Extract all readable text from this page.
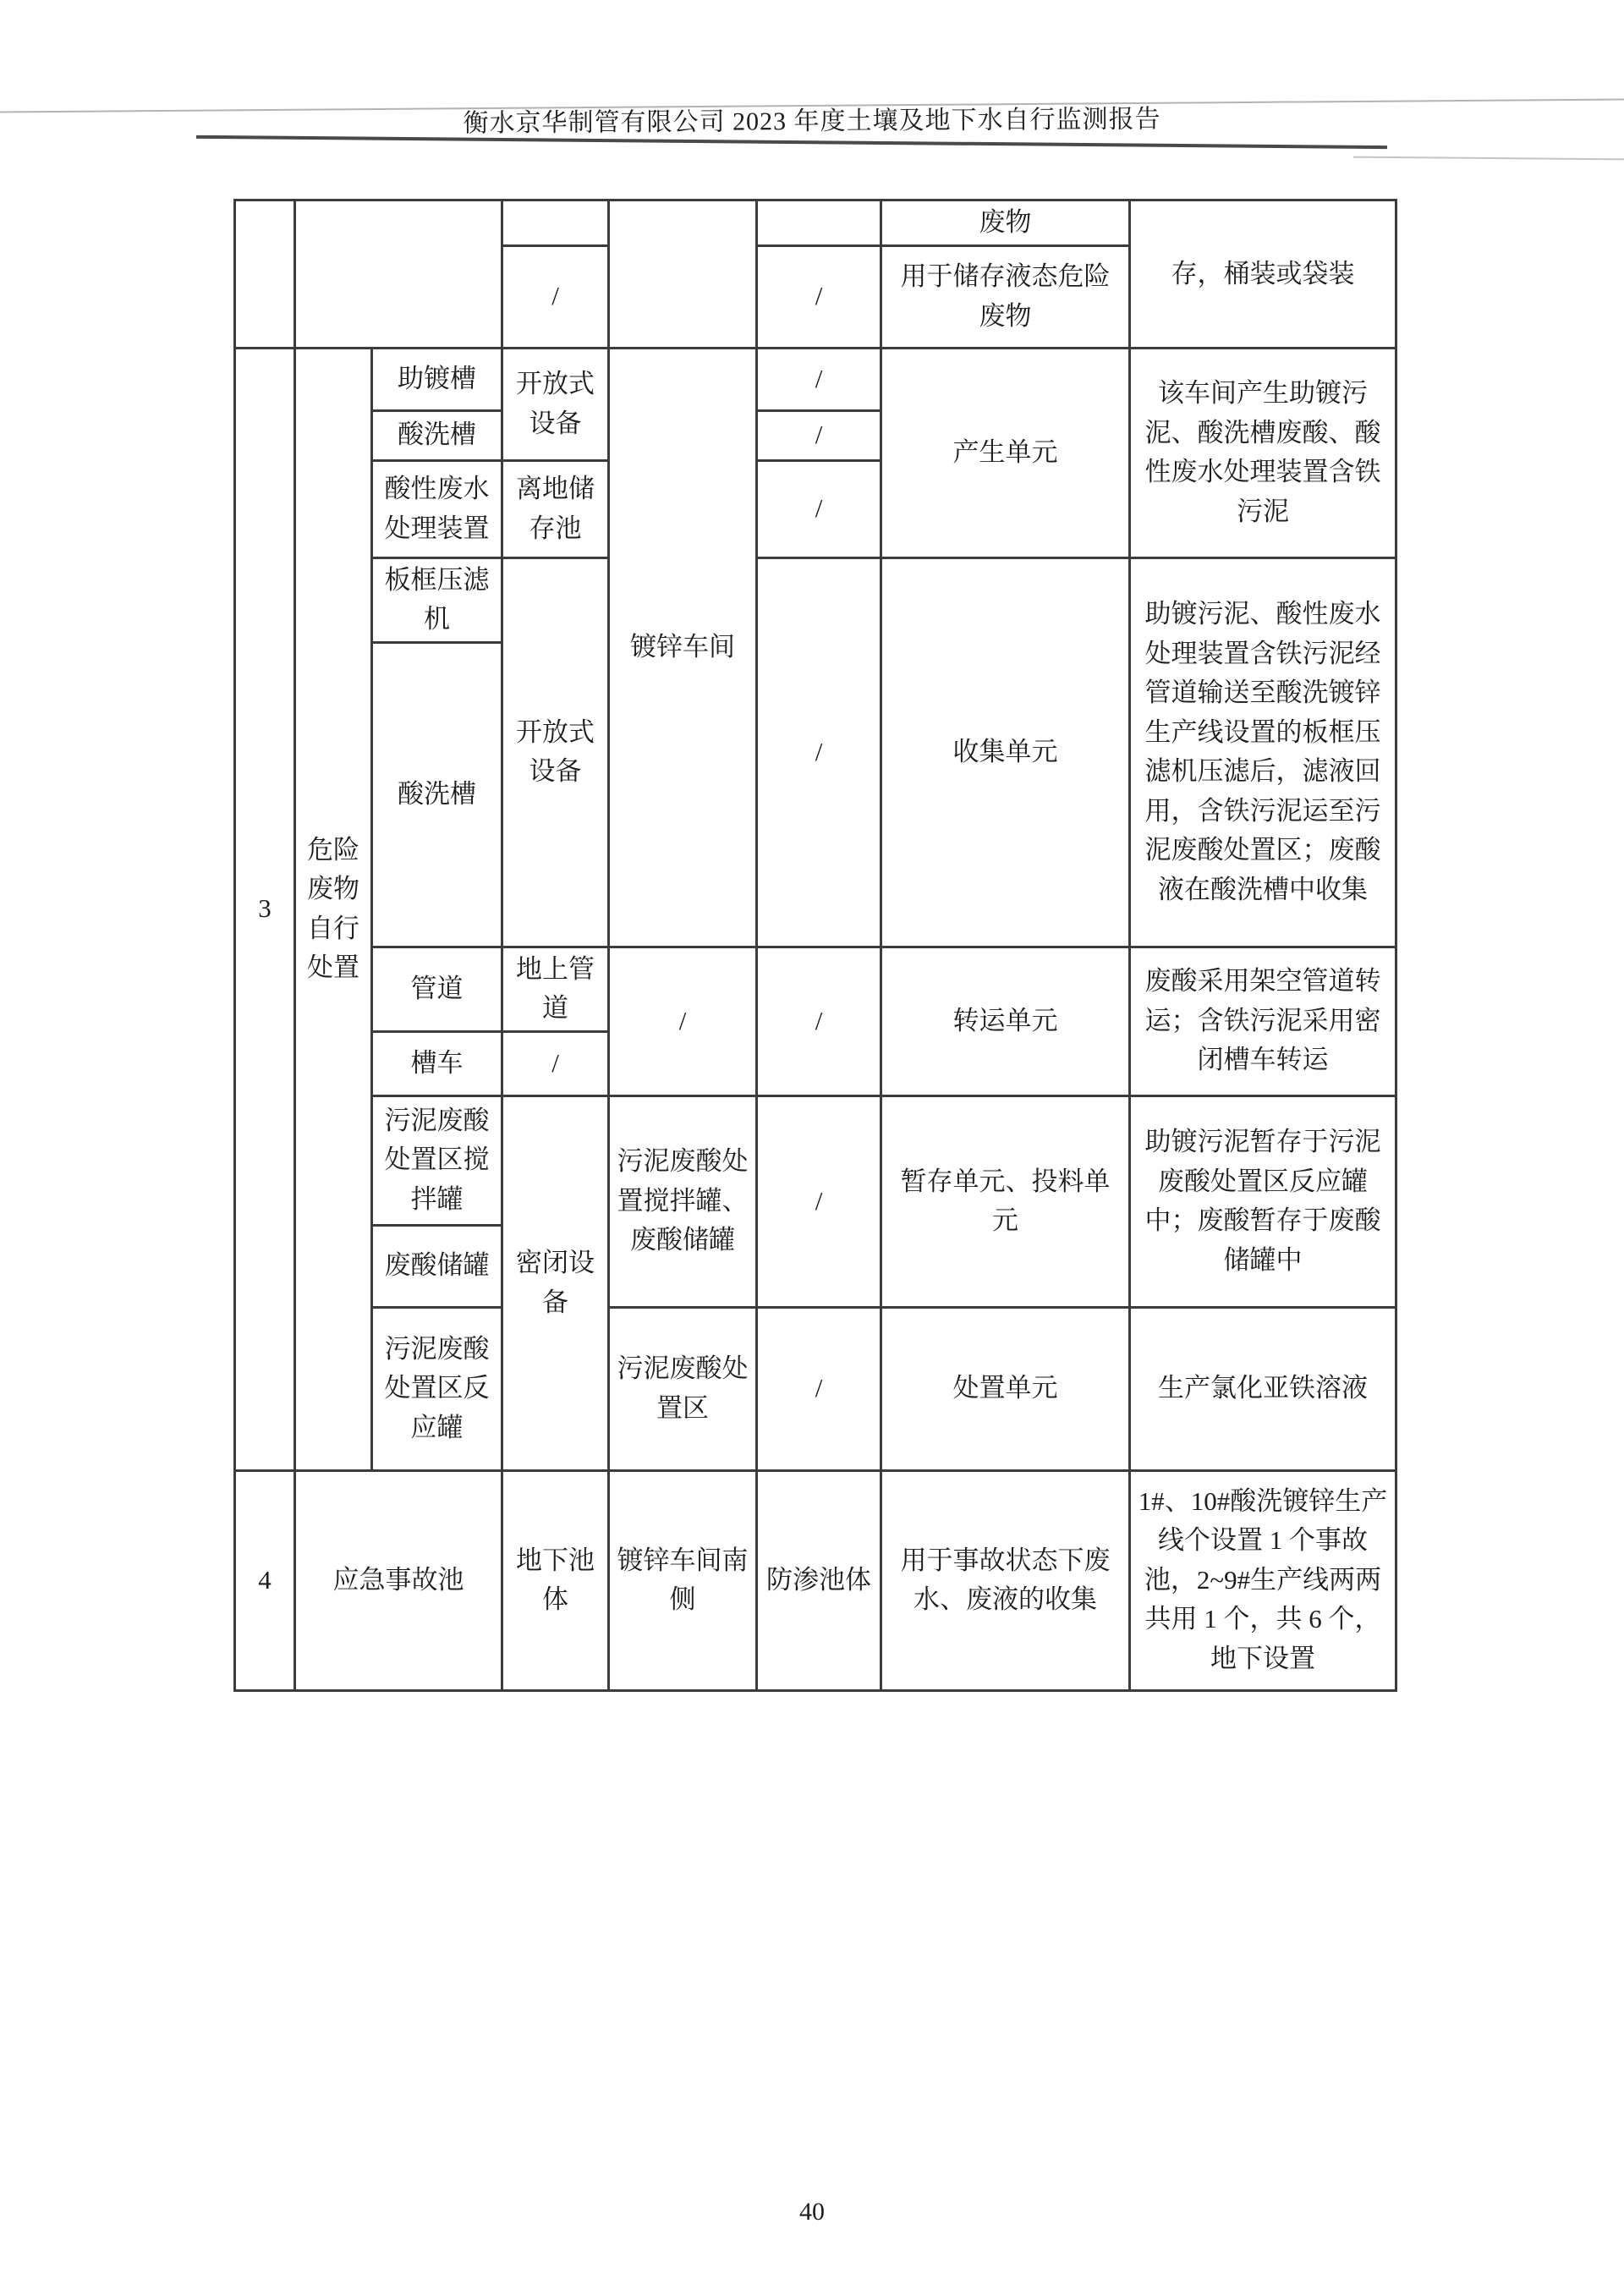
衡水京华制管有限公司 2023 年度土壤及地下水自行监测报告
						废物	存，桶装或袋装
			/		/	用于储存液态危险废物	
3	危险废物自行处置	助镀槽	开放式设备	镀锌车间	/	产生单元	该车间产生助镀污泥、酸洗槽废酸、酸性废水处理装置含铁污泥
		酸洗槽			/		
		酸性废水处理装置	离地储存池		/		
		板框压滤机	开放式设备		/	收集单元	助镀污泥、酸性废水处理装置含铁污泥经管道输送至酸洗镀锌生产线设置的板框压滤机压滤后，滤液回用，含铁污泥运至污泥废酸处置区；废酸液在酸洗槽中收集
		酸洗槽					
		管道	地上管道	/	/	转运单元	废酸采用架空管道转运；含铁污泥采用密闭槽车转运
		槽车	/				
		污泥废酸处置区搅拌罐	密闭设备	污泥废酸处置搅拌罐、废酸储罐	/	暂存单元、投料单元	助镀污泥暂存于污泥废酸处置区反应罐中；废酸暂存于废酸储罐中
		废酸储罐					
		污泥废酸处置区反应罐		污泥废酸处置区	/	处置单元	生产氯化亚铁溶液
4	应急事故池		地下池体	镀锌车间南侧	防渗池体	用于事故状态下废水、废液的收集	1#、10#酸洗镀锌生产线个设置 1 个事故池，2~9#生产线两两共用 1 个，共 6 个，地下设置
40
